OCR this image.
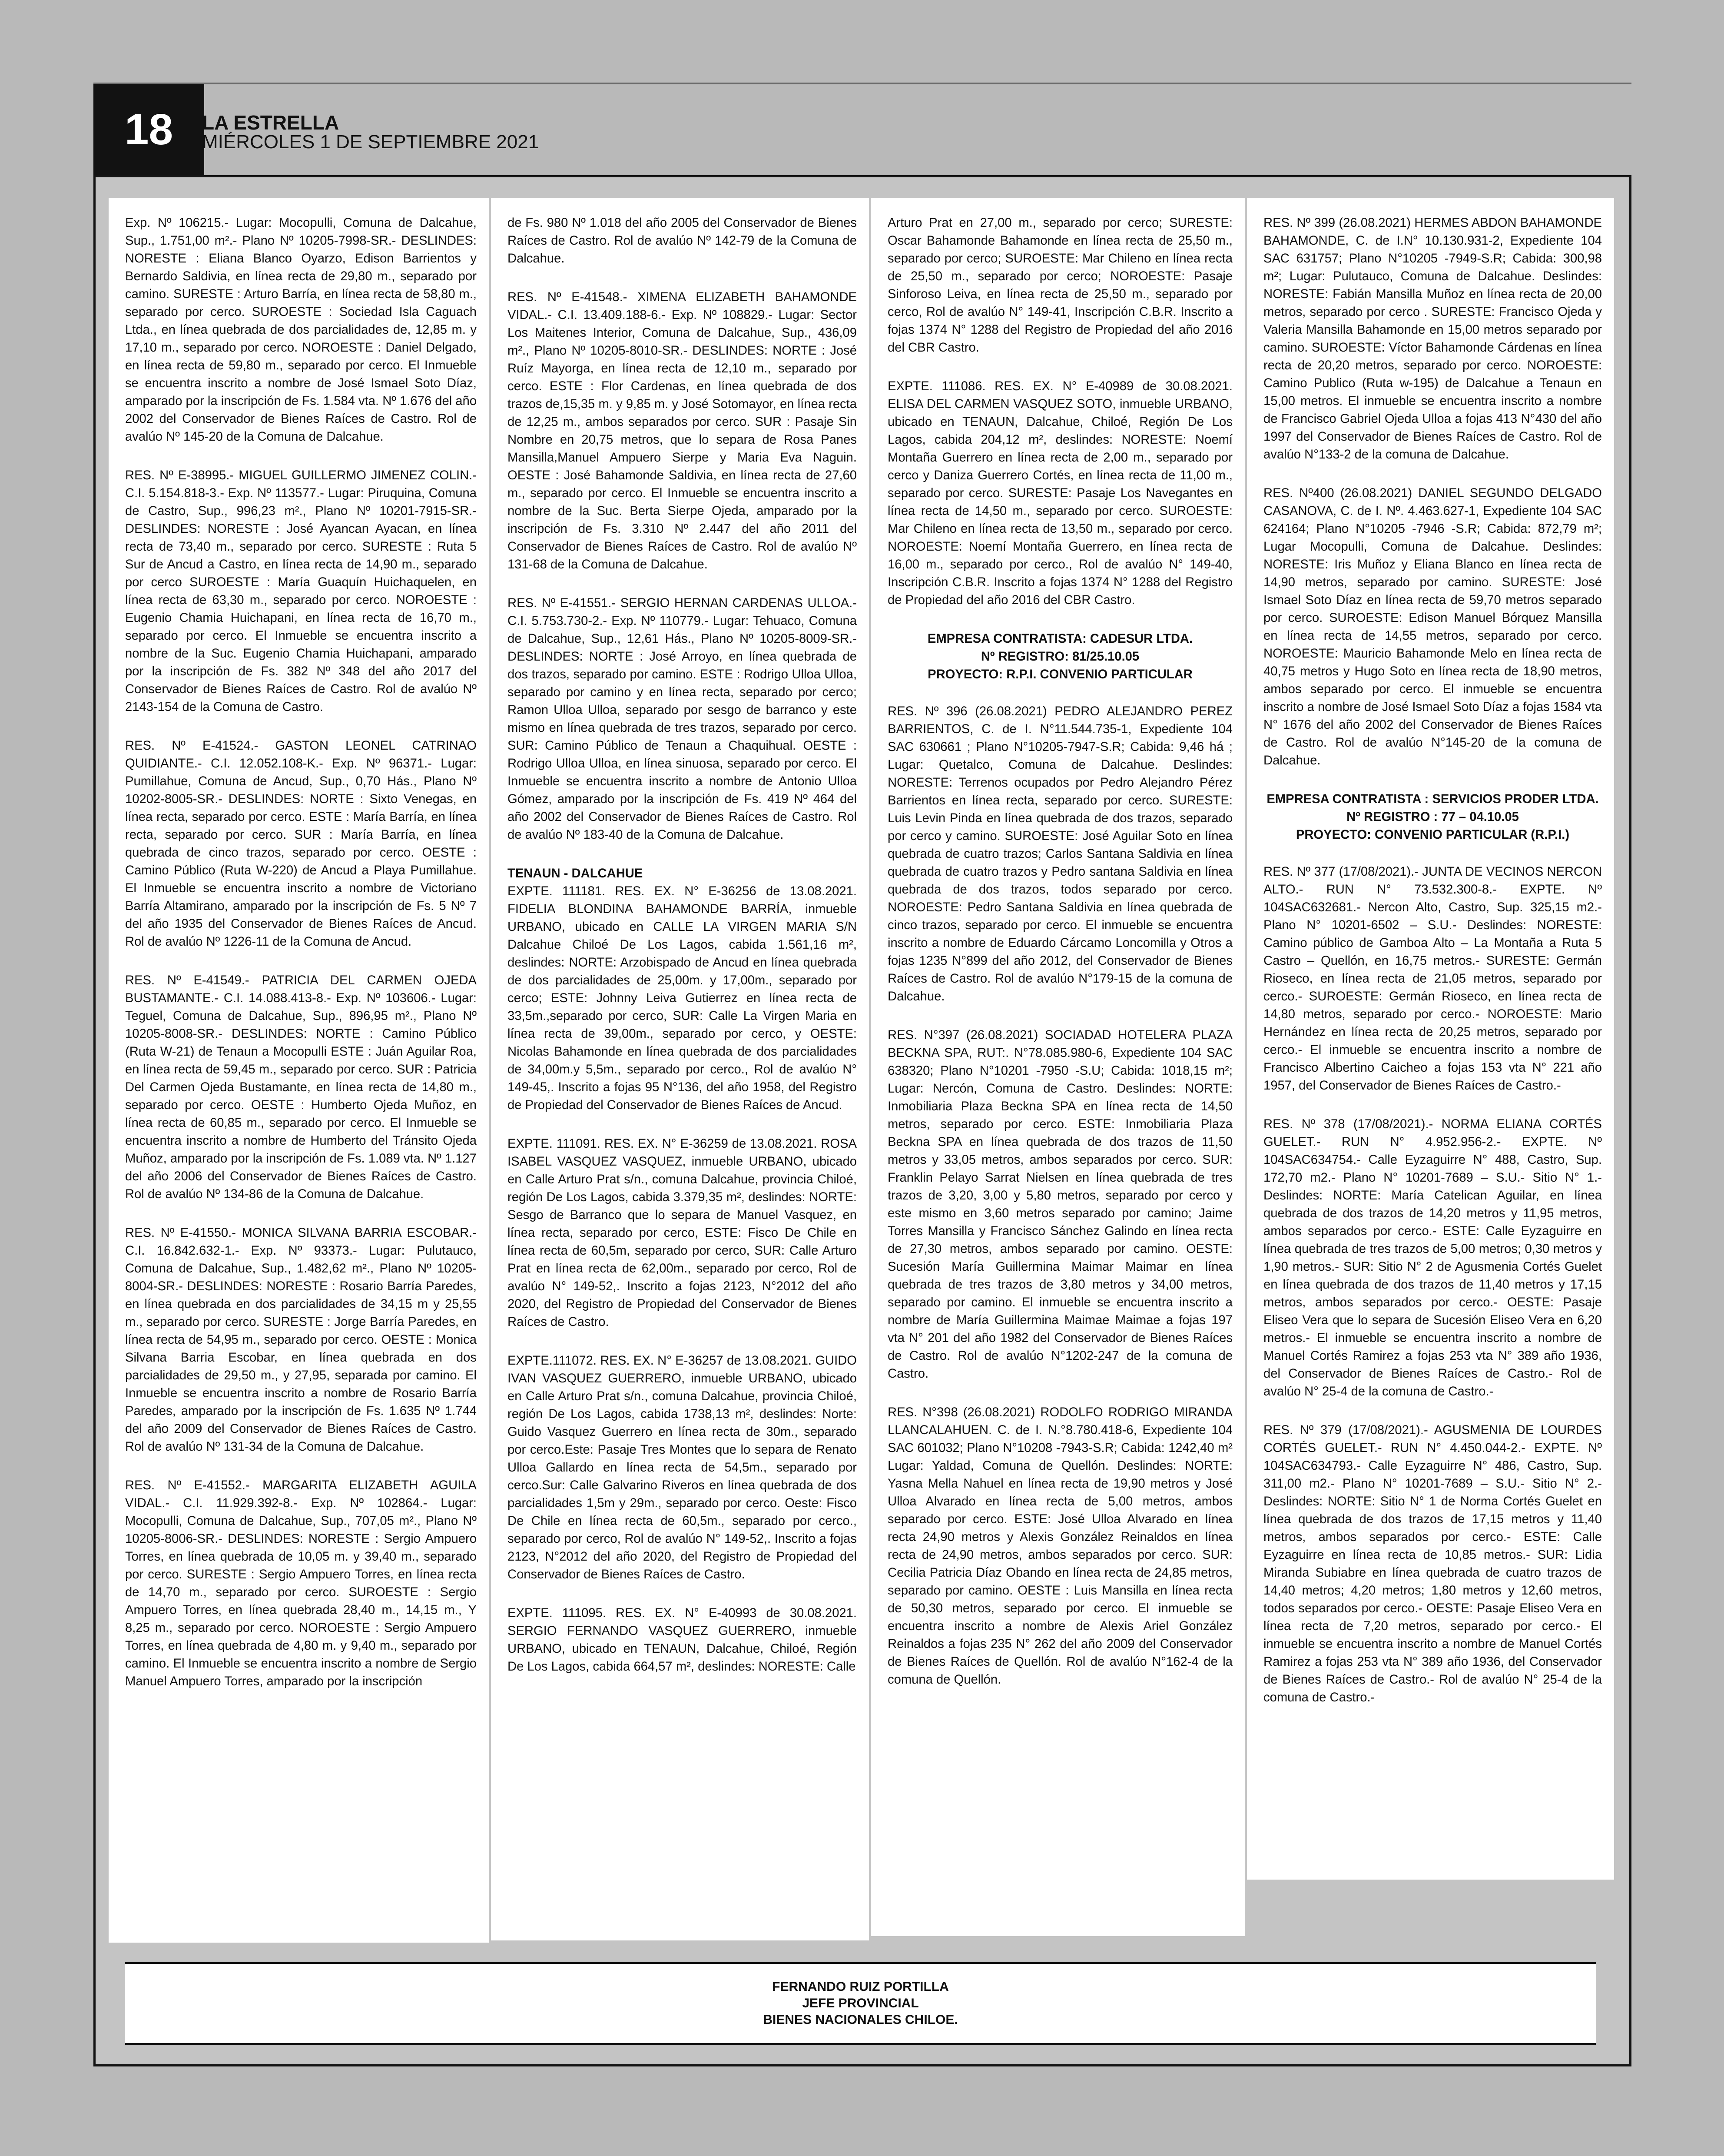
18	LA ESTRELLA
MIÉRCOLES 1 DE SEPTIEMBRE 2021

Exp. Nº 106215.- Lugar: Mocopulli, Comuna de Dalcahue, Sup., 1.751,00 m².- Plano Nº 10205-7998-SR.- DESLINDES: NORESTE : Eliana Blanco Oyarzo, Edison Barrientos y Bernardo Saldivia, en línea recta de 29,80 m., separado por camino. SURESTE : Arturo Barría, en línea recta de 58,80 m., separado por cerco. SUROESTE : Sociedad Isla Caguach Ltda., en línea quebrada de dos parcialidades de, 12,85 m. y 17,10 m., separado por cerco. NOROESTE : Daniel Delgado, en línea recta de 59,80 m., separado por cerco. El Inmueble se encuentra inscrito a nombre de José Ismael Soto Díaz, amparado por la inscripción de Fs. 1.584 vta. Nº 1.676 del año 2002 del Conservador de Bienes Raíces de Castro. Rol de avalúo Nº 145-20 de la Comuna de Dalcahue.

RES. Nº E-38995.- MIGUEL GUILLERMO JIMENEZ COLIN.- C.I. 5.154.818-3.- Exp. Nº 113577.- Lugar: Piruquina, Comuna de Castro, Sup., 996,23 m²., Plano Nº 10201-7915-SR.- DESLINDES: NORESTE : José Ayancan Ayacan, en línea recta de 73,40 m., separado por cerco. SURESTE : Ruta 5 Sur de Ancud a Castro, en línea recta de 14,90 m., separado por cerco SUROESTE : María Guaquín Huichaquelen, en línea recta de 63,30 m., separado por cerco. NOROESTE : Eugenio Chamia Huichapani, en línea recta de 16,70 m., separado por cerco. El Inmueble se encuentra inscrito a nombre de la Suc. Eugenio Chamia Huichapani, amparado por la inscripción de Fs. 382 Nº 348 del año 2017 del Conservador de Bienes Raíces de Castro. Rol de avalúo Nº 2143-154 de la Comuna de Castro.

RES. Nº E-41524.- GASTON LEONEL CATRINAO QUIDIANTE.- C.I. 12.052.108-K.- Exp. Nº 96371.- Lugar: Pumillahue, Comuna de Ancud, Sup., 0,70 Hás., Plano Nº 10202-8005-SR.- DESLINDES: NORTE : Sixto Venegas, en línea recta, separado por cerco. ESTE : María Barría, en línea recta, separado por cerco. SUR : María Barría, en línea quebrada de cinco trazos, separado por cerco. OESTE : Camino Público (Ruta W-220) de Ancud a Playa Pumillahue. El Inmueble se encuentra inscrito a nombre de Victoriano Barría Altamirano, amparado por la inscripción de Fs. 5 Nº 7 del año 1935 del Conservador de Bienes Raíces de Ancud. Rol de avalúo Nº 1226-11 de la Comuna de Ancud.

RES. Nº E-41549.- PATRICIA DEL CARMEN OJEDA BUSTAMANTE.- C.I. 14.088.413-8.- Exp. Nº 103606.- Lugar: Teguel, Comuna de Dalcahue, Sup., 896,95 m²., Plano Nº 10205-8008-SR.- DESLINDES: NORTE : Camino Público (Ruta W-21) de Tenaun a Mocopulli ESTE : Juán Aguilar Roa, en línea recta de 59,45 m., separado por cerco. SUR : Patricia Del Carmen Ojeda Bustamante, en línea recta de 14,80 m., separado por cerco. OESTE : Humberto Ojeda Muñoz, en línea recta de 60,85 m., separado por cerco. El Inmueble se encuentra inscrito a nombre de Humberto del Tránsito Ojeda Muñoz, amparado por la inscripción de Fs. 1.089 vta. Nº 1.127 del año 2006 del Conservador de Bienes Raíces de Castro. Rol de avalúo Nº 134-86 de la Comuna de Dalcahue.

RES. Nº E-41550.- MONICA SILVANA BARRIA ESCOBAR.- C.I. 16.842.632-1.- Exp. Nº 93373.- Lugar: Pulutauco, Comuna de Dalcahue, Sup., 1.482,62 m²., Plano Nº 10205-8004-SR.- DESLINDES: NORESTE : Rosario Barría Paredes, en línea quebrada en dos parcialidades de 34,15 m y 25,55 m., separado por cerco. SURESTE : Jorge Barría Paredes, en línea recta de 54,95 m., separado por cerco. OESTE : Monica Silvana Barria Escobar, en línea quebrada en dos parcialidades de 29,50 m., y 27,95, separada por camino. El Inmueble se encuentra inscrito a nombre de Rosario Barría Paredes, amparado por la inscripción de Fs. 1.635 Nº 1.744 del año 2009 del Conservador de Bienes Raíces de Castro. Rol de avalúo Nº 131-34 de la Comuna de Dalcahue.

RES. Nº E-41552.- MARGARITA ELIZABETH AGUILA VIDAL.- C.I. 11.929.392-8.- Exp. Nº 102864.- Lugar: Mocopulli, Comuna de Dalcahue, Sup., 707,05 m²., Plano Nº 10205-8006-SR.- DESLINDES: NORESTE : Sergio Ampuero Torres, en línea quebrada de 10,05 m. y 39,40 m., separado por cerco. SURESTE : Sergio Ampuero Torres, en línea recta de 14,70 m., separado por cerco. SUROESTE : Sergio Ampuero Torres, en línea quebrada 28,40 m., 14,15 m., Y 8,25 m., separado por cerco. NOROESTE : Sergio Ampuero Torres, en línea quebrada de 4,80 m. y 9,40 m., separado por camino. El Inmueble se encuentra inscrito a nombre de Sergio Manuel Ampuero Torres, amparado por la inscripción

de Fs. 980 Nº 1.018 del año 2005 del Conservador de Bienes Raíces de Castro. Rol de avalúo Nº 142-79 de la Comuna de Dalcahue.

RES. Nº E-41548.- XIMENA ELIZABETH BAHAMONDE VIDAL.- C.I. 13.409.188-6.- Exp. Nº 108829.- Lugar: Sector Los Maitenes Interior, Comuna de Dalcahue, Sup., 436,09 m²., Plano Nº 10205-8010-SR.- DESLINDES: NORTE : José Ruíz Mayorga, en línea recta de 12,10 m., separado por cerco. ESTE : Flor Cardenas, en línea quebrada de dos trazos de,15,35 m. y 9,85 m. y José Sotomayor, en línea recta de 12,25 m., ambos separados por cerco. SUR : Pasaje Sin Nombre en 20,75 metros, que lo separa de Rosa Panes Mansilla,Manuel Ampuero Sierpe y Maria Eva Naguin. OESTE : José Bahamonde Saldivia, en línea recta de 27,60 m., separado por cerco. El Inmueble se encuentra inscrito a nombre de la Suc. Berta Sierpe Ojeda, amparado por la inscripción de Fs. 3.310 Nº 2.447 del año 2011 del Conservador de Bienes Raíces de Castro. Rol de avalúo Nº 131-68 de la Comuna de Dalcahue.

RES. Nº E-41551.- SERGIO HERNAN CARDENAS ULLOA.- C.I. 5.753.730-2.- Exp. Nº 110779.- Lugar: Tehuaco, Comuna de Dalcahue, Sup., 12,61 Hás., Plano Nº 10205-8009-SR.- DESLINDES: NORTE : José Arroyo, en línea quebrada de dos trazos, separado por camino. ESTE : Rodrigo Ulloa Ulloa, separado por camino y en línea recta, separado por cerco; Ramon Ulloa Ulloa, separado por sesgo de barranco y este mismo en línea quebrada de tres trazos, separado por cerco. SUR: Camino Público de Tenaun a Chaquihual. OESTE : Rodrigo Ulloa Ulloa, en línea sinuosa, separado por cerco. El Inmueble se encuentra inscrito a nombre de Antonio Ulloa Gómez, amparado por la inscripción de Fs. 419 Nº 464 del año 2002 del Conservador de Bienes Raíces de Castro. Rol de avalúo Nº 183-40 de la Comuna de Dalcahue.

TENAUN - DALCAHUE

EXPTE. 111181. RES. EX. N° E-36256 de 13.08.2021. FIDELIA BLONDINA BAHAMONDE BARRÍA, inmueble URBANO, ubicado en CALLE LA VIRGEN MARIA S/N Dalcahue Chiloé De Los Lagos, cabida 1.561,16 m², deslindes: NORTE: Arzobispado de Ancud en línea quebrada de dos parcialidades de 25,00m. y 17,00m., separado por cerco; ESTE: Johnny Leiva Gutierrez en línea recta de 33,5m.,separado por cerco, SUR: Calle La Virgen Maria en línea recta de 39,00m., separado por cerco, y OESTE: Nicolas Bahamonde en línea quebrada de dos parcialidades de 34,00m.y 5,5m., separado por cerco., Rol de avalúo N° 149-45,. Inscrito a fojas 95 N°136, del año 1958, del Registro de Propiedad del Conservador de Bienes Raíces de Ancud.

EXPTE. 111091. RES. EX. N° E-36259 de 13.08.2021. ROSA ISABEL VASQUEZ VASQUEZ, inmueble URBANO, ubicado en Calle Arturo Prat s/n., comuna Dalcahue, provincia Chiloé, región De Los Lagos, cabida 3.379,35 m², deslindes: NORTE: Sesgo de Barranco que lo separa de Manuel Vasquez, en línea recta, separado por cerco, ESTE: Fisco De Chile en línea recta de 60,5m, separado por cerco, SUR: Calle Arturo Prat en línea recta de 62,00m., separado por cerco, Rol de avalúo N° 149-52,. Inscrito a fojas 2123, N°2012 del año 2020, del Registro de Propiedad del Conservador de Bienes Raíces de Castro.

EXPTE.111072. RES. EX. N° E-36257 de 13.08.2021. GUIDO IVAN VASQUEZ GUERRERO, inmueble URBANO, ubicado en Calle Arturo Prat s/n., comuna Dalcahue, provincia Chiloé, región De Los Lagos, cabida 1738,13 m², deslindes: Norte: Guido Vasquez Guerrero en línea recta de 30m., separado por cerco.Este: Pasaje Tres Montes que lo separa de Renato Ulloa Gallardo en línea recta de 54,5m., separado por cerco.Sur: Calle Galvarino Riveros en línea quebrada de dos parcialidades 1,5m y 29m., separado por cerco. Oeste: Fisco De Chile en línea recta de 60,5m., separado por cerco., separado por cerco, Rol de avalúo N° 149-52,. Inscrito a fojas 2123, N°2012 del año 2020, del Registro de Propiedad del Conservador de Bienes Raíces de Castro.

EXPTE. 111095. RES. EX. N° E-40993 de 30.08.2021. SERGIO FERNANDO VASQUEZ GUERRERO, inmueble URBANO, ubicado en TENAUN, Dalcahue, Chiloé, Región De Los Lagos, cabida 664,57 m², deslindes: NORESTE: Calle

Arturo Prat en 27,00 m., separado por cerco; SURESTE: Oscar Bahamonde Bahamonde en línea recta de 25,50 m., separado por cerco; SUROESTE: Mar Chileno en línea recta de 25,50 m., separado por cerco; NOROESTE: Pasaje Sinforoso Leiva, en línea recta de 25,50 m., separado por cerco, Rol de avalúo N° 149-41, Inscripción C.B.R. Inscrito a fojas 1374 N° 1288 del Registro de Propiedad del año 2016 del CBR Castro.

EXPTE. 111086. RES. EX. N° E-40989 de 30.08.2021. ELISA DEL CARMEN VASQUEZ SOTO, inmueble URBANO, ubicado en TENAUN, Dalcahue, Chiloé, Región De Los Lagos, cabida 204,12 m², deslindes: NORESTE: Noemí Montaña Guerrero en línea recta de 2,00 m., separado por cerco y Daniza Guerrero Cortés, en línea recta de 11,00 m., separado por cerco. SURESTE: Pasaje Los Navegantes en línea recta de 14,50 m., separado por cerco. SUROESTE: Mar Chileno en línea recta de 13,50 m., separado por cerco. NOROESTE: Noemí Montaña Guerrero, en línea recta de 16,00 m., separado por cerco., Rol de avalúo N° 149-40, Inscripción C.B.R. Inscrito a fojas 1374 N° 1288 del Registro de Propiedad del año 2016 del CBR Castro.

EMPRESA CONTRATISTA: CADESUR LTDA.
Nº REGISTRO: 81/25.10.05
PROYECTO: R.P.I. CONVENIO PARTICULAR

RES. Nº 396 (26.08.2021) PEDRO ALEJANDRO PEREZ BARRIENTOS, C. de I. N°11.544.735-1, Expediente 104 SAC 630661 ; Plano N°10205-7947-S.R; Cabida: 9,46 há ; Lugar: Quetalco, Comuna de Dalcahue. Deslindes: NORESTE: Terrenos ocupados por Pedro Alejandro Pérez Barrientos en línea recta, separado por cerco. SURESTE: Luis Levin Pinda en línea quebrada de dos trazos, separado por cerco y camino. SUROESTE: José Aguilar Soto en línea quebrada de cuatro trazos; Carlos Santana Saldivia en línea quebrada de cuatro trazos y Pedro santana Saldivia en línea quebrada de dos trazos, todos separado por cerco. NOROESTE: Pedro Santana Saldivia en línea quebrada de cinco trazos, separado por cerco. El inmueble se encuentra inscrito a nombre de Eduardo Cárcamo Loncomilla y Otros a fojas 1235 N°899 del año 2012, del Conservador de Bienes Raíces de Castro. Rol de avalúo N°179-15 de la comuna de Dalcahue.

RES. N°397 (26.08.2021) SOCIADAD HOTELERA PLAZA BECKNA SPA, RUT:. N°78.085.980-6, Expediente 104 SAC 638320; Plano N°10201 -7950 -S.U; Cabida: 1018,15 m²; Lugar: Nercón, Comuna de Castro. Deslindes: NORTE: Inmobiliaria Plaza Beckna SPA en línea recta de 14,50 metros, separado por cerco. ESTE: Inmobiliaria Plaza Beckna SPA en línea quebrada de dos trazos de 11,50 metros y 33,05 metros, ambos separados por cerco. SUR: Franklin Pelayo Sarrat Nielsen en línea quebrada de tres trazos de 3,20, 3,00 y 5,80 metros, separado por cerco y este mismo en 3,60 metros separado por camino; Jaime Torres Mansilla y Francisco Sánchez Galindo en línea recta de 27,30 metros, ambos separado por camino. OESTE: Sucesión María Guillermina Maimar Maimar en línea quebrada de tres trazos de 3,80 metros y 34,00 metros, separado por camino. El inmueble se encuentra inscrito a nombre de María Guillermina Maimae Maimae a fojas 197 vta N° 201 del año 1982 del Conservador de Bienes Raíces de Castro. Rol de avalúo N°1202-247 de la comuna de Castro.

RES. N°398 (26.08.2021) RODOLFO RODRIGO MIRANDA LLANCALAHUEN. C. de I. N.°8.780.418-6, Expediente 104 SAC 601032; Plano N°10208 -7943-S.R; Cabida: 1242,40 m² Lugar: Yaldad, Comuna de Quellón. Deslindes: NORTE: Yasna Mella Nahuel en línea recta de 19,90 metros y José Ulloa Alvarado en línea recta de 5,00 metros, ambos separado por cerco. ESTE: José Ulloa Alvarado en línea recta 24,90 metros y Alexis González Reinaldos en línea recta de 24,90 metros, ambos separados por cerco. SUR: Cecilia Patricia Díaz Obando en línea recta de 24,85 metros, separado por camino. OESTE : Luis Mansilla en línea recta de 50,30 metros, separado por cerco. El inmueble se encuentra inscrito a nombre de Alexis Ariel González Reinaldos a fojas 235 N° 262 del año 2009 del Conservador de Bienes Raíces de Quellón. Rol de avalúo N°162-4 de la comuna de Quellón.

RES. Nº 399 (26.08.2021) HERMES ABDON BAHAMONDE BAHAMONDE, C. de I.N° 10.130.931-2, Expediente 104 SAC 631757; Plano N°10205 -7949-S.R; Cabida: 300,98 m²; Lugar: Pulutauco, Comuna de Dalcahue. Deslindes: NORESTE: Fabián Mansilla Muñoz en línea recta de 20,00 metros, separado por cerco . SURESTE: Francisco Ojeda y Valeria Mansilla Bahamonde en 15,00 metros separado por camino. SUROESTE: Víctor Bahamonde Cárdenas en línea recta de 20,20 metros, separado por cerco. NOROESTE: Camino Publico (Ruta w-195) de Dalcahue a Tenaun en 15,00 metros. El inmueble se encuentra inscrito a nombre de Francisco Gabriel Ojeda Ulloa a fojas 413 N°430 del año 1997 del Conservador de Bienes Raíces de Castro. Rol de avalúo N°133-2 de la comuna de Dalcahue.

RES. Nº400 (26.08.2021) DANIEL SEGUNDO DELGADO CASANOVA, C. de I. Nº. 4.463.627-1, Expediente 104 SAC 624164; Plano N°10205 -7946 -S.R; Cabida: 872,79 m²; Lugar Mocopulli, Comuna de Dalcahue. Deslindes: NORESTE: Iris Muñoz y Eliana Blanco en línea recta de 14,90 metros, separado por camino. SURESTE: José Ismael Soto Díaz en línea recta de 59,70 metros separado por cerco. SUROESTE: Edison Manuel Bórquez Mansilla en línea recta de 14,55 metros, separado por cerco. NOROESTE: Mauricio Bahamonde Melo en línea recta de 40,75 metros y Hugo Soto en línea recta de 18,90 metros, ambos separado por cerco. El inmueble se encuentra inscrito a nombre de José Ismael Soto Díaz a fojas 1584 vta N° 1676 del año 2002 del Conservador de Bienes Raíces de Castro. Rol de avalúo N°145-20 de la comuna de Dalcahue.

EMPRESA CONTRATISTA : SERVICIOS PRODER LTDA.
Nº REGISTRO : 77 – 04.10.05
PROYECTO: CONVENIO PARTICULAR (R.P.I.)

RES. Nº 377 (17/08/2021).- JUNTA DE VECINOS NERCON ALTO.- RUN N° 73.532.300-8.- EXPTE. Nº 104SAC632681.- Nercon Alto, Castro, Sup. 325,15 m2.- Plano N° 10201-6502 – S.U.- Deslindes: NORESTE: Camino público de Gamboa Alto – La Montaña a Ruta 5 Castro – Quellón, en 16,75 metros.- SURESTE: Germán Rioseco, en línea recta de 21,05 metros, separado por cerco.- SUROESTE: Germán Rioseco, en línea recta de 14,80 metros, separado por cerco.- NOROESTE: Mario Hernández en línea recta de 20,25 metros, separado por cerco.- El inmueble se encuentra inscrito a nombre de Francisco Albertino Caicheo a fojas 153 vta N° 221 año 1957, del Conservador de Bienes Raíces de Castro.-

RES. Nº 378 (17/08/2021).- NORMA ELIANA CORTÉS GUELET.- RUN N° 4.952.956-2.- EXPTE. Nº 104SAC634754.- Calle Eyzaguirre N° 488, Castro, Sup. 172,70 m2.- Plano N° 10201-7689 – S.U.- Sitio N° 1.- Deslindes: NORTE: María Catelican Aguilar, en línea quebrada de dos trazos de 14,20 metros y 11,95 metros, ambos separados por cerco.- ESTE: Calle Eyzaguirre en línea quebrada de tres trazos de 5,00 metros; 0,30 metros y 1,90 metros.- SUR: Sitio N° 2 de Agusmenia Cortés Guelet en línea quebrada de dos trazos de 11,40 metros y 17,15 metros, ambos separados por cerco.- OESTE: Pasaje Eliseo Vera que lo separa de Sucesión Eliseo Vera en 6,20 metros.- El inmueble se encuentra inscrito a nombre de Manuel Cortés Ramirez a fojas 253 vta N° 389 año 1936, del Conservador de Bienes Raíces de Castro.- Rol de avalúo N° 25-4 de la comuna de Castro.-

RES. Nº 379 (17/08/2021).- AGUSMENIA DE LOURDES CORTÉS GUELET.- RUN N° 4.450.044-2.- EXPTE. Nº 104SAC634793.- Calle Eyzaguirre N° 486, Castro, Sup. 311,00 m2.- Plano N° 10201-7689 – S.U.- Sitio N° 2.- Deslindes: NORTE: Sitio N° 1 de Norma Cortés Guelet en línea quebrada de dos trazos de 17,15 metros y 11,40 metros, ambos separados por cerco.- ESTE: Calle Eyzaguirre en línea recta de 10,85 metros.- SUR: Lidia Miranda Subiabre en línea quebrada de cuatro trazos de 14,40 metros; 4,20 metros; 1,80 metros y 12,60 metros, todos separados por cerco.- OESTE: Pasaje Eliseo Vera en línea recta de 7,20 metros, separado por cerco.- El inmueble se encuentra inscrito a nombre de Manuel Cortés Ramirez a fojas 253 vta N° 389 año 1936, del Conservador de Bienes Raíces de Castro.- Rol de avalúo N° 25-4 de la comuna de Castro.-

FERNANDO RUIZ PORTILLA
JEFE PROVINCIAL
BIENES NACIONALES CHILOE.
